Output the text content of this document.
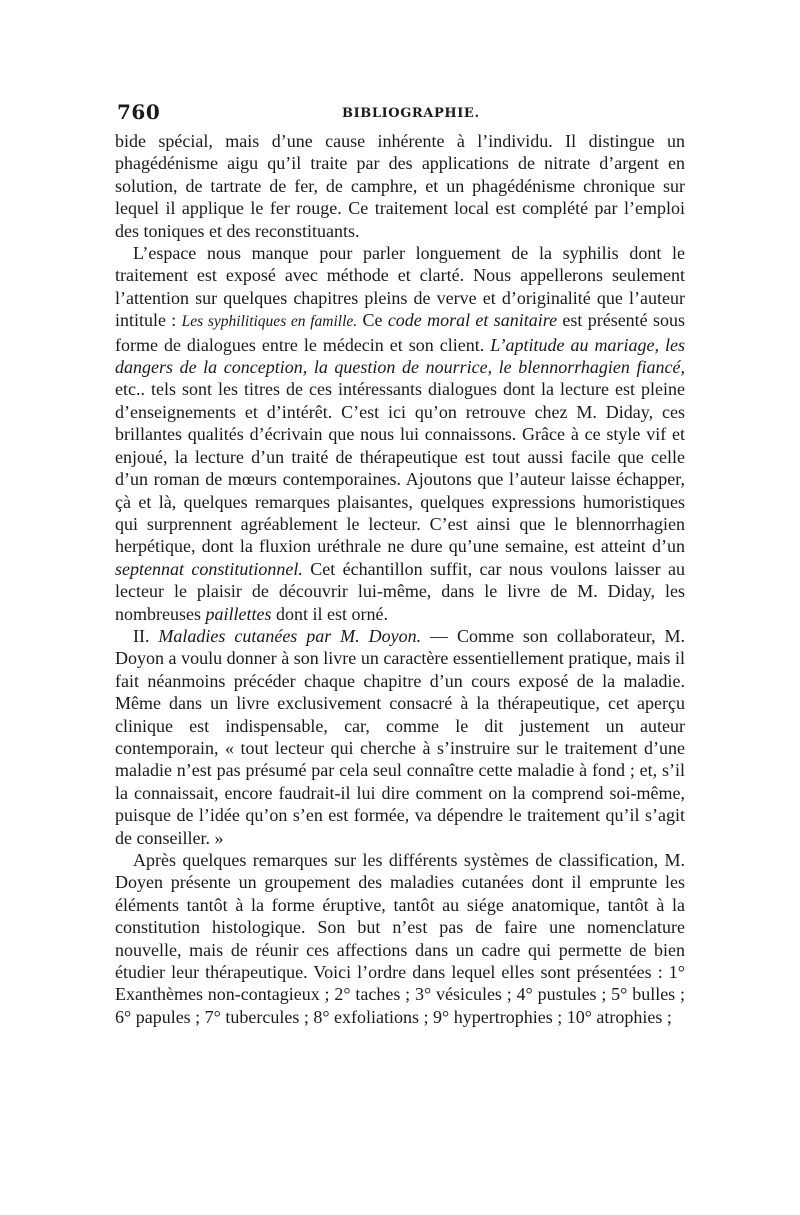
760	BIBLIOGRAPHIE.

bide spécial, mais d’une cause inhérente à l’individu. Il distingue un phagédénisme aigu qu’il traite par des applications de nitrate d’argent en solution, de tartrate de fer, de camphre, et un phagédénisme chronique sur lequel il applique le fer rouge. Ce traitement local est complété par l’emploi des toniques et des reconstituants.

L’espace nous manque pour parler longuement de la syphilis dont le traitement est exposé avec méthode et clarté. Nous appellerons seulement l’attention sur quelques chapitres pleins de verve et d’originalité que l’auteur intitule : Les syphilitiques en famille. Ce code moral et sanitaire est présenté sous forme de dialogues entre le médecin et son client. L’aptitude au mariage, les dangers de la conception, la question de nourrice, le blennorrhagien fiancé, etc.. tels sont les titres de ces intéressants dialogues dont la lecture est pleine d’enseignements et d’intérêt. C’est ici qu’on retrouve chez M. Diday, ces brillantes qualités d’écrivain que nous lui connaissons. Grâce à ce style vif et enjoué, la lecture d’un traité de thérapeutique est tout aussi facile que celle d’un roman de mœurs contemporaines. Ajoutons que l’auteur laisse échapper, çà et là, quelques remarques plaisantes, quelques expressions humoristiques qui surprennent agréablement le lecteur. C’est ainsi que le blennorrhagien herpétique, dont la fluxion uréthrale ne dure qu’une semaine, est atteint d’un septennat constitutionnel. Cet échantillon suffit, car nous voulons laisser au lecteur le plaisir de découvrir lui-même, dans le livre de M. Diday, les nombreuses paillettes dont il est orné.

II. Maladies cutanées par M. Doyon. — Comme son collaborateur, M. Doyon a voulu donner à son livre un caractère essentiellement pratique, mais il fait néanmoins précéder chaque chapitre d’un cours exposé de la maladie. Même dans un livre exclusivement consacré à la thérapeutique, cet aperçu clinique est indispensable, car, comme le dit justement un auteur contemporain, « tout lecteur qui cherche à s’instruire sur le traitement d’une maladie n’est pas présumé par cela seul connaître cette maladie à fond ; et, s’il la connaissait, encore faudrait-il lui dire comment on la comprend soi-même, puisque de l’idée qu’on s’en est formée, va dépendre le traitement qu’il s’agit de conseiller. »

Après quelques remarques sur les différents systèmes de classification, M. Doyen présente un groupement des maladies cutanées dont il emprunte les éléments tantôt à la forme éruptive, tantôt au siége anatomique, tantôt à la constitution histologique. Son but n’est pas de faire une nomenclature nouvelle, mais de réunir ces affections dans un cadre qui permette de bien étudier leur thérapeutique. Voici l’ordre dans lequel elles sont présentées : 1° Exanthèmes non-contagieux ; 2° taches ; 3° vésicules ; 4° pustules ; 5° bulles ; 6° papules ; 7° tubercules ; 8° exfoliations ; 9° hypertrophies ; 10° atrophies ;
